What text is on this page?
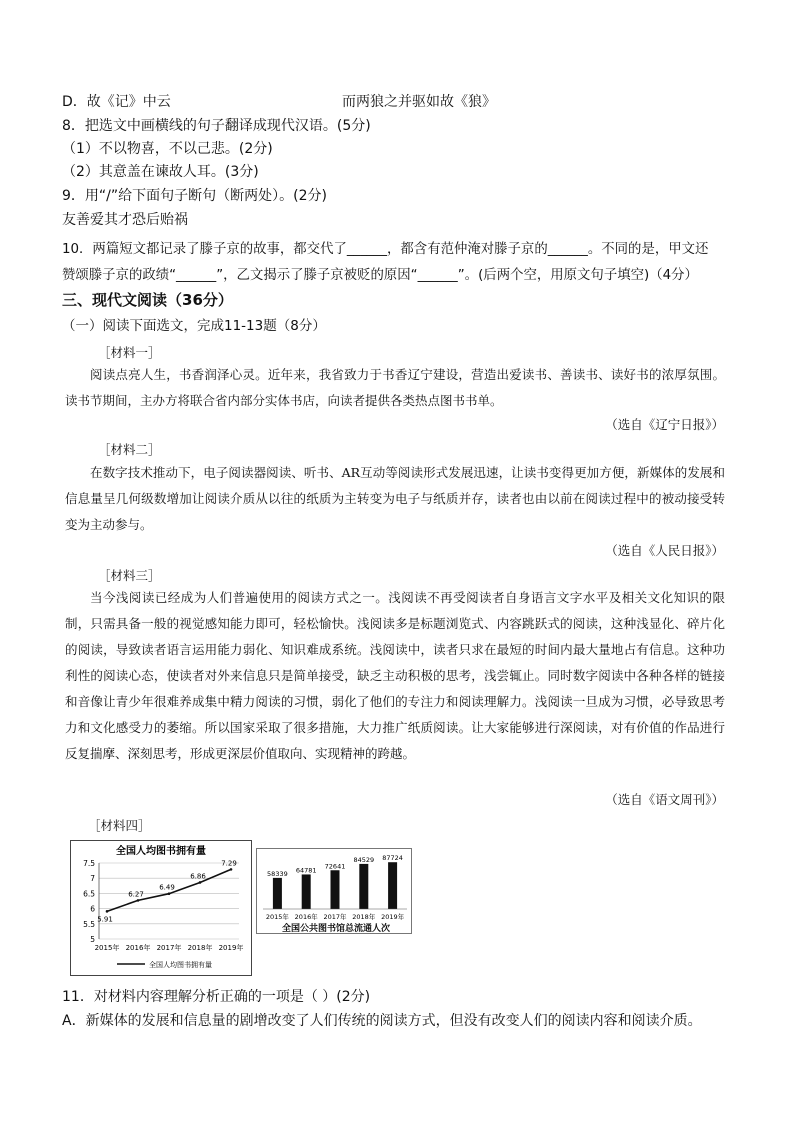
D．故《记》中云	而两狼之并驱如故《狼》
8．把选文中画横线的句子翻译成现代汉语。(5分)
（1）不以物喜，不以己悲。(2分)
（2）其意盖在谏故人耳。(3分)
9．用“/”给下面句子断句（断两处）。(2分)
友善爱其才恐后贻祸
10．两篇短文都记录了滕子京的故事，都交代了______，都含有范仲淹对滕子京的______。不同的是，甲文还
赞颂滕子京的政绩“______”，乙文揭示了滕子京被贬的原因“______”。(后两个空，用原文句子填空)（4分）
三、现代文阅读（36分）
（一）阅读下面选文，完成11-13题（8分）
［材料一］

阅读点亮人生，书香润泽心灵。近年来，我省致力于书香辽宁建设，营造出爱读书、善读书、读好书的浓厚氛围。读书节期间，主办方将联合省内部分实体书店，向读者提供各类热点图书书单。

（选自《辽宁日报》）
［材料二］

在数字技术推动下，电子阅读器阅读、听书、AR互动等阅读形式发展迅速，让读书变得更加方便，新媒体的发展和信息量呈几何级数增加让阅读介质从以往的纸质为主转变为电子与纸质并存，读者也由以前在阅读过程中的被动接受转变为主动参与。

（选自《人民日报》）
［材料三］

当今浅阅读已经成为人们普遍使用的阅读方式之一。浅阅读不再受阅读者自身语言文字水平及相关文化知识的限制，只需具备一般的视觉感知能力即可，轻松愉快。浅阅读多是标题浏览式、内容跳跃式的阅读，这种浅显化、碎片化的阅读，导致读者语言运用能力弱化、知识难成系统。浅阅读中，读者只求在最短的时间内最大量地占有信息。这种功利性的阅读心态，使读者对外来信息只是简单接受，缺乏主动积极的思考，浅尝辄止。同时数字阅读中各种各样的链接和音像让青少年很难养成集中精力阅读的习惯，弱化了他们的专注力和阅读理解力。浅阅读一旦成为习惯，必导致思考力和文化感受力的萎缩。所以国家采取了很多措施，大力推广纸质阅读。让大家能够进行深阅读，对有价值的作品进行反复揣摩、深刻思考，形成更深层价值取向、实现精神的跨越。

（选自《语文周刊》）
［材料四］
全国人均图书拥有量
7.5
7
6.5
6
5.5
5
5.91
6.27
6.49
6.86
7.29
2015年 2016年 2017年 2018年 2019年
全国人均图书拥有量
58339
2015年
64781
2016年
72641
2017年
84529
2018年
87724
2019年
全国公共图书馆总流通人次
11．对材料内容理解分析正确的一项是（ ）(2分)
A．新媒体的发展和信息量的剧增改变了人们传统的阅读方式，但没有改变人们的阅读内容和阅读介质。
